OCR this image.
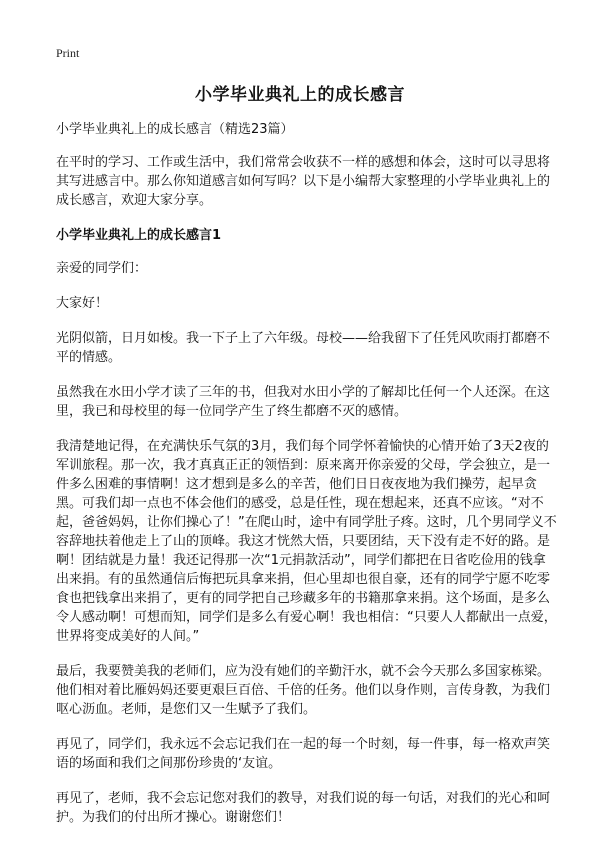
Print
小学毕业典礼上的成长感言

小学毕业典礼上的成长感言（精选23篇）

在平时的学习、工作或生活中，我们常常会收获不一样的感想和体会，这时可以寻思将其写进感言中。那么你知道感言如何写吗？以下是小编帮大家整理的小学毕业典礼上的成长感言，欢迎大家分享。

小学毕业典礼上的成长感言1

亲爱的同学们：

大家好！

光阴似箭，日月如梭。我一下子上了六年级。母校——给我留下了任凭风吹雨打都磨不平的情感。

虽然我在水田小学才读了三年的书，但我对水田小学的了解却比任何一个人还深。在这里，我已和母校里的每一位同学产生了终生都磨不灭的感情。

我清楚地记得，在充满快乐气氛的3月，我们每个同学怀着愉快的心情开始了3天2夜的军训旅程。那一次，我才真真正正的领悟到：原来离开你亲爱的父母，学会独立，是一件多么困难的事情啊！这才想到是多么的辛苦，他们日日夜夜地为我们操劳，起早贪黑。可我们却一点也不体会他们的感受，总是任性，现在想起来，还真不应该。“对不起，爸爸妈妈，让你们操心了！”在爬山时，途中有同学肚子疼。这时，几个男同学义不容辞地扶着他走上了山的顶峰。我这才恍然大悟，只要团结，天下没有走不好的路。是啊！团结就是力量！我还记得那一次“1元捐款活动”，同学们都把在日省吃俭用的钱拿出来捐。有的虽然通信后悔把玩具拿来捐，但心里却也很自豪，还有的同学宁愿不吃零食也把钱拿出来捐了，更有的同学把自己珍藏多年的书籍那拿来捐。这个场面，是多么令人感动啊！可想而知，同学们是多么有爱心啊！我也相信：“只要人人都献出一点爱，世界将变成美好的人间。”

最后，我要赞美我的老师们，应为没有她们的辛勤汗水，就不会今天那么多国家栋梁。他们相对着比雁妈妈还要更艰巨百倍、千倍的任务。他们以身作则，言传身教，为我们呕心沥血。老师，是您们又一生赋予了我们。

再见了，同学们，我永远不会忘记我们在一起的每一个时刻，每一件事，每一格欢声笑语的场面和我们之间那份珍贵的‘友谊。

再见了，老师，我不会忘记您对我们的教导，对我们说的每一句话，对我们的光心和呵护。为我们的付出所才操心。谢谢您们！
